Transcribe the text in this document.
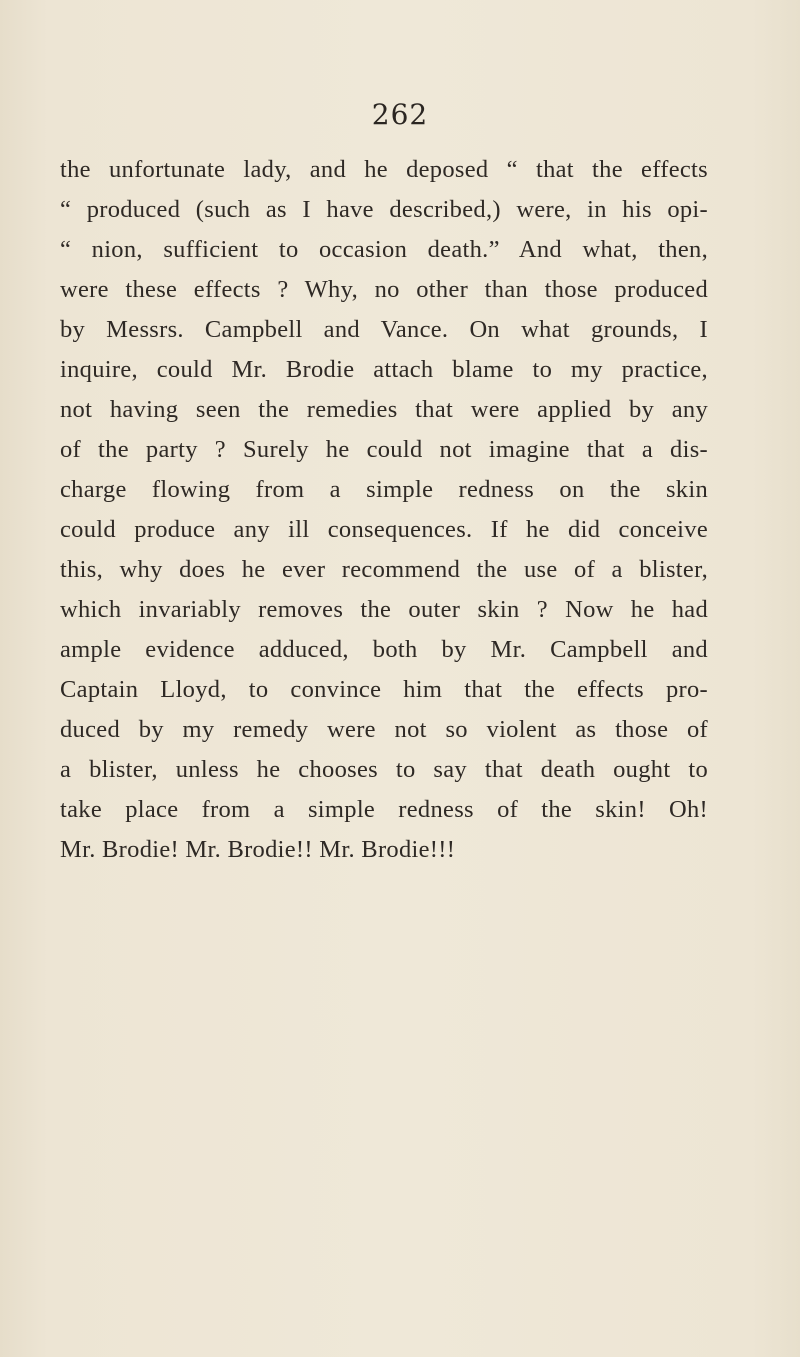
262
the unfortunate lady, and he deposed “ that the effects
“ produced (such as I have described,) were, in his opi-
“ nion, sufficient to occasion death.” And what, then,
were these effects ? Why, no other than those produced
by Messrs. Campbell and Vance. On what grounds, I
inquire, could Mr. Brodie attach blame to my practice,
not having seen the remedies that were applied by any
of the party ? Surely he could not imagine that a dis-
charge flowing from a simple redness on the skin
could produce any ill consequences. If he did conceive
this, why does he ever recommend the use of a blister,
which invariably removes the outer skin ? Now he had
ample evidence adduced, both by Mr. Campbell and
Captain Lloyd, to convince him that the effects pro-
duced by my remedy were not so violent as those of
a blister, unless he chooses to say that death ought to
take place from a simple redness of the skin! Oh!
Mr. Brodie! Mr. Brodie!! Mr. Brodie!!!
